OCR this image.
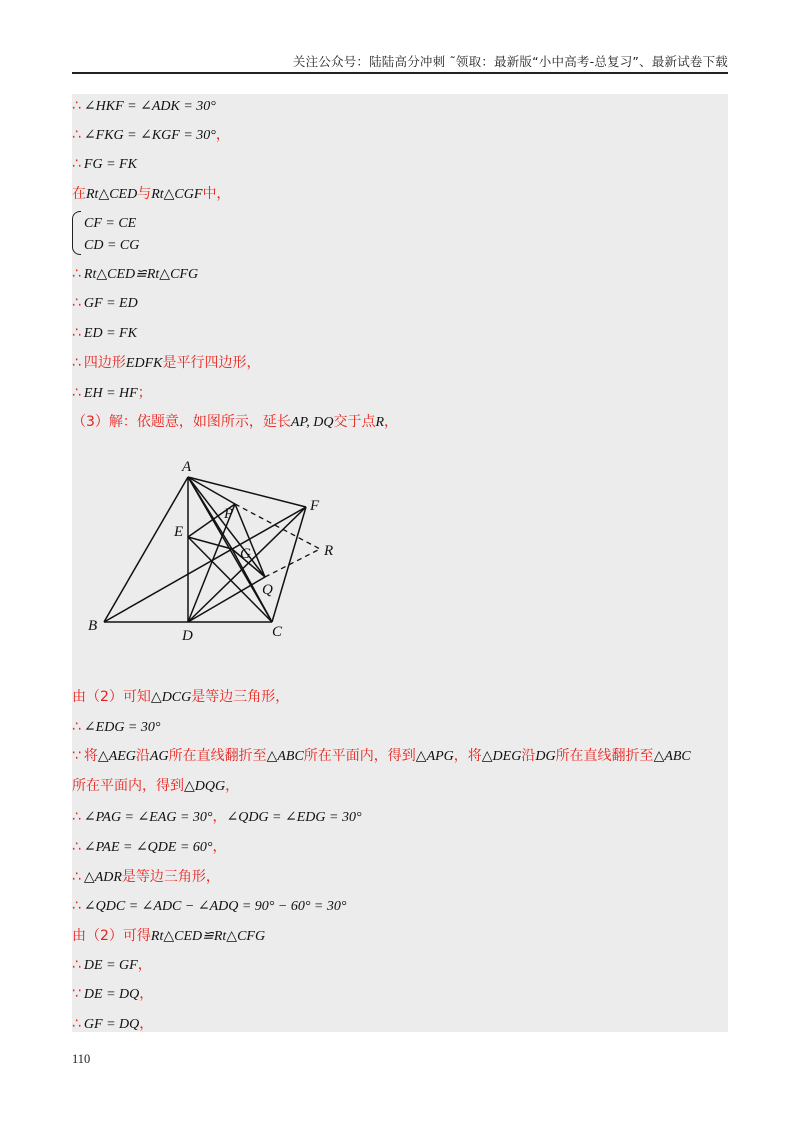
关注公众号：陆陆高分冲刺 ˜领取：最新版“小中高考-总复习”、最新试卷下载
∴ ∠HKF = ∠ADK = 30°
∴ ∠FKG = ∠KGF = 30°，
∴ FG = FK
在Rt△CED与Rt△CGF中，
CF = CE
CD = CG
∴ Rt△CED≌Rt△CFG
∴ GF = ED
∴ ED = FK
∴ 四边形EDFK是平行四边形，
∴ EH = HF；
（3）解：依题意，如图所示，延长AP, DQ交于点R，
A
B	C
D
E
F
G
P
Q
R
由（2）可知△DCG是等边三角形，
∴ ∠EDG = 30°
∵ 将△AEG沿AG所在直线翻折至△ABC所在平面内，得到△APG，将△DEG沿DG所在直线翻折至△ABC
所在平面内，得到△DQG，
∴ ∠PAG = ∠EAG = 30°，∠QDG = ∠EDG = 30°
∴ ∠PAE = ∠QDE = 60°，
∴ △ADR是等边三角形，
∴ ∠QDC = ∠ADC − ∠ADQ = 90° − 60° = 30°
由（2）可得Rt△CED≌Rt△CFG
∴ DE = GF，
∵ DE = DQ，
∴ GF = DQ，
110
